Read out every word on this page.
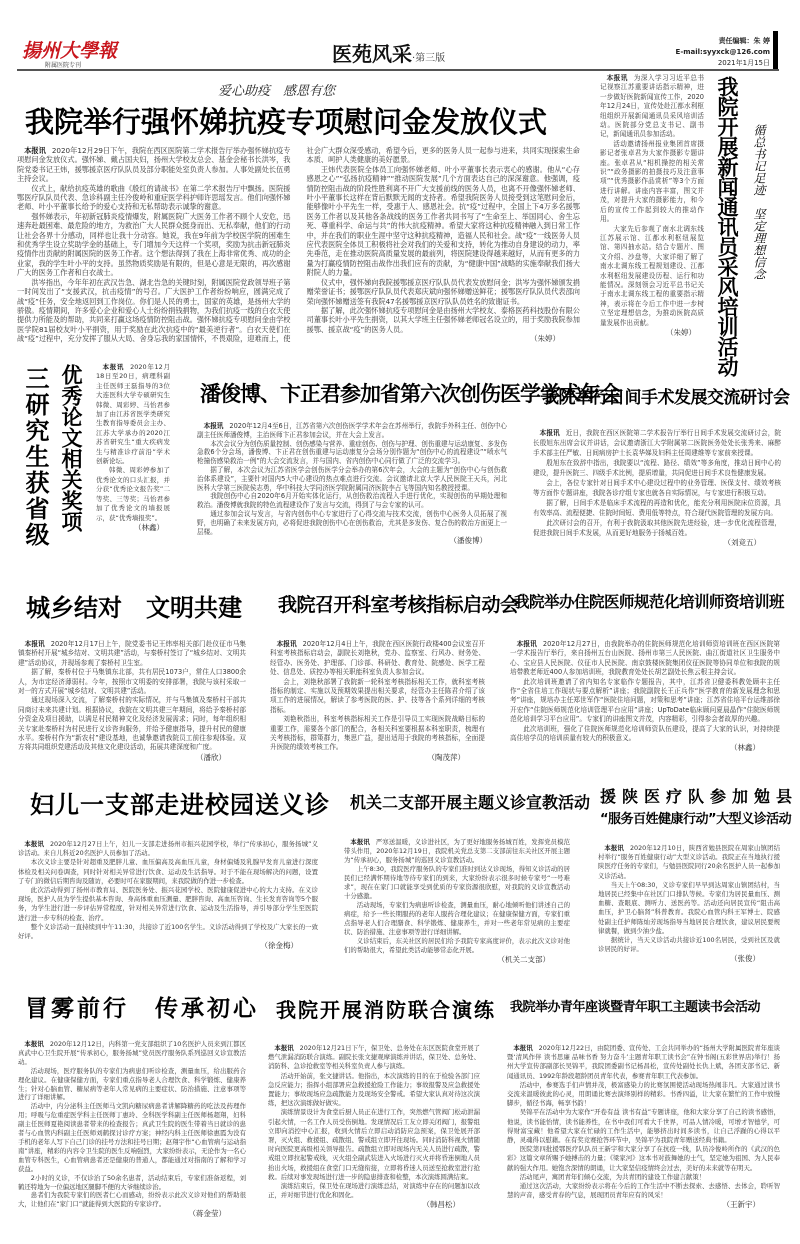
揚州大學報
附属医院专刊	医苑风采·第三版
责任编辑：朱 婷
E-mail:syyxck@126.com
2021年1月15日
爱心助疫　感恩有您
我院举行强怀娣抗疫专项慰问金发放仪式

本报讯 2020年12月29日下午，我院在西区医院第二学术报告厅举办强怀娣抗疫专项慰问金发放仪式。强怀娣、戴占国夫妇，扬州大学校友总会、基金会秘书长洪岑，我院党委书记王炜，援鄂援京医疗队队员及部分职能处室负责人参加。人事处副处长伍勇主持会议。

仪式上，献给抗疫英雄的歌曲《殷红的请战书》在第二学术报告厅中飘扬。医院援鄂医疗队队员代表、急诊科副主任冷俊岭和重症医学科护师许思瑶发言。他们向强怀娣老师、叶小平董事长给予的爱心支持和无私帮助表示诚挚的谢意。

强怀娣表示，年初新冠肺炎疫情爆发，附属医院广大医务工作者不顾个人安危，迅速奔赴最困难、最危险的地方，为救治广大人民群众挺身而出、无私奉献，他们的行动让社会各界十分感动，同样也让我十分动容。她说，我在9年前为学校医学院的困难生和优秀学生设立奖助学金的基础上，专门增加今天这样一个奖项，奖励为抗击新冠肺炎疫情作出贡献的附属医院的医务工作者。这个想法得到了我在上海非常优秀、成功的企业家，我的学生叶小平的支持。虽然物质奖励是有限的，但是心意是无限的，再次感谢广大的医务工作者和白衣战士。

洪岑指出，今年年初在武汉告急、湖北告急的关键时刻，附属医院党政领导班子第一时间发出了“支援武汉，抗击疫情”的号召。广大医护工作者纷纷响应，圆满完成了战“疫”任务，安全地返回到工作岗位。你们是人民的勇士，国家的英雄，是扬州大学的骄傲。疫情期间，许多爱心企业和爱心人士纷纷捐钱捐物，为我们抗疫一线的白衣天使提供力所能及的帮助，共同来打赢这场疫情防控阻击战。强怀娣抗疫专项慰问金由学校医学院81届校友叶小平捐资，用于奖励在此次抗疫中的“最美逆行者”。白衣天使们在战“疫”过程中，充分发挥了服从大局、舍身忘我的家国情怀，不畏艰险，迎难而上，使社会广大群众深受感动，希望今后，更多的医务人员一起参与进来，共同实现探索生命本质、呵护人类健康的美好愿景。

王炜代表医院全体员工向强怀娣老师、叶小平董事长表示衷心的感谢。他从“心存感恩之心”“弘扬抗疫精神”“推动医院发展”几个方面表达自己的深深谢意。他强调，疫情防控阻击战的阶段性胜利离不开广大支援前线的医务人员，也离不开像强怀娣老师、叶小平董事长这样在背后默默无闻的支持者。希望我院医务人员接受到这笔慰问金后，能够像叶小平先生一样，受惠于人、感恩社会。抗“疫”过程中，全国上下4万多名援鄂医务工作者以及其他各条战线的医务工作者共同书写了“生命至上、举国同心、舍生忘死、尊重科学、命运与共”的伟大抗疫精神。希望大家将这种抗疫精神融入到日常工作中，并在我们的职业生涯中坚守这种抗疫精神，造福人民和社会。战“疫”一线医务人员应代表医院全体员工积极将社会对我们的关爱和支持，转化为推动自身建设的动力，率先垂范，走在推动医院高质量发展的最前列，将医院建设得越来越好，从而有更多的力量为打赢疫情防控阻击战作出我们应有的贡献，为“健康中国”战略的实施奉献我们扬大附院人的力量。

仪式中，强怀娣向我院援鄂援京医疗队队员代表发放慰问金；洪岑为强怀娣颁发捐赠荣誉证书；援鄂医疗队队员代表郑庆斌向强怀娣赠送鲜花；援鄂医疗队队员代表邵向荣向强怀娣赠送签有我院47名援鄂援京医疗队队员姓名的致谢证书。

据了解，此次强怀娣抗疫专项慰问金是由扬州大学校友、泰格医药科技股份有限公司董事长叶小平先生捐资，以其大学班主任强怀娣老师冠名设立的，用于奖励我院参加援鄂、援京战“疫”的医务人员。

（朱婷）

本报讯 为深入学习习近平总书记视察江苏重要讲话指示精神，进一步做好医院新闻宣传工作，2020年12月24日，宣传处赴江都水利枢纽组织开展新闻通讯员采风培训活动。医院部分党总支书记、副书记，新闻通讯员参加活动。

活动邀请扬州报业集团首席摄影记者张卓君为大家作摄影专题讲座。张卓君从“相机操控的相关常识”“政务摄影的拍摄技巧及注意事项”“优秀摄影作品赏析”等3个方面进行讲解。讲座内容丰富，图文并茂，对提升大家的摄影能力，和今后的宣传工作起到较大的推动作用。

大家先后参观了南水北调东线江苏展示馆、江都水利枢纽展览馆、第四抽水站。结合专题片、图文介绍、沙盘等，大家详细了解了南水北调东线工程规划建设、江都水利枢纽发展建设历程、运行和功能情况。深刻领会习近平总书记关于南水北调东线工程的重要指示精神，表示将在今后工作中进一步树立坚定理想信念，为推动医院高质量发展作出贡献。

（朱婷） 我院开展新闻通讯员采风培训活动	循总书记足迹　坚定理想信念
三研究生获省级 优秀论文相关奖项	本报讯 2020年12月18日至20日，病理科副主任医师王磊指导的3位大连医科大学专硕研究生韩微、周彩婷、马怡君参加了由江苏省医学类研究生教育指导委员会主办、江苏大学承办的2020江苏省研究生“重大疾病发生与精准诊疗前沿”学术创新论坛。

韩微、周彩婷参加了优秀论文的口头汇报，并分获“优秀论文报告奖”二等奖、三等奖；马怡君参加了优秀论文的墙报展示，获“优秀墙报奖”。

（林鑫）
潘俊博、卞正君参加省第六次创伤医学学术年会

本报讯 2020年12月4至6日，江苏省第六次创伤医学学术年会在苏州举行，我院手外科主任、创伤中心副主任医师潘俊博，主治医师卞正君参加会议，并在大会上发言。

本次会议分为创伤质量控制、创伤感染与营养、重症创伤、创伤与护理、创伤重建与运动康复、多发伤急救6个分会场，潘俊博、卞正君在创伤重建与运动康复分会场分别作题为“创伤中心的流程建设”“喷水气枪撞伤感染救治一例”的大会交流发言，并与国内、省内创伤中心同行做了广泛的交流学习。

据了解，本次会议为江苏省医学会创伤医学分会举办的第6次年会，大会的主题为“创伤中心与创伤救治体系建设”，主要针对国内5大中心建设的热点难点进行交流。会议邀请北京大学人民医院王天兵，河北医科大学第三医院侯志勇，华中科技大学同济医学院附属同济医院李占飞等国内知名教授授课。

我院创伤中心自2020年6月开始实体化运行，从创伤救治流程入手进行优化，实现创伤的早期处理和救治。潘俊博就我院的特色流程建设作了发言与交流，得到了与会专家的认可。

通过参加会议与发言，与省内创伤中心专家进行了心得交流与技术交流，创伤中心医务人员拓展了视野，也明确了未来发展方向，必将促进我院创伤中心在创伤救治，尤其是多发伤、复合伤的救治方面更上一层楼。

（潘俊博）
我院举行日间手术发展交流研讨会

本报讯 近日，我院在西区医院第二学术报告厅举行日间手术发展交流研讨会，院长殷旭东出席会议并讲话，会议邀请浙江大学附属第二医院医务处处长张秀来、麻醉手术部主任严敏、日间病房护士长袁华娣及妇科主任周建维等专家前来授课。

殷旭东在致辞中指出，我院要以“流程、路径、绩效”等多角度，推动日间中心的建设，提升医院三、四级手术比例，提质增量，共同促进日间手术良性健康发展。

会上，各位专家针对日间手术中心建设过程中的业务管理、医保支付、绩效考核等方面作专题讲座，我院各诊疗组专家也就各自实际情况，与专家进行积极互动。

据了解，日间手术是临床手术流程的再造和优化，能充分利用医院床位资源，具有效率高、流程便捷、住院时间短、费用低等特点，符合现代医院管理的发展方向。

此次研讨会的召开，有利于我院汲取其他医院先进经验，进一步优化流程管理，促进我院日间手术发展，从而更好地服务于扬城百姓。

（刘竞五）
城乡结对　文明共建

本报讯 2020年12月17日上午，院党委书记王炜率相关部门赴仪征市马集镇秦桥村开展“城乡结对、文明共建”活动，与秦桥村签订了“城乡结对、文明共建”活动协议，并现场参观了秦桥村卫生室。

据了解，秦桥村位于马集镇东北部，共有居民1073户，常住人口3800余人，为市定经济薄弱村。今年，按照市文明委的安排部署，我院与该村采取一对一的方式开展“城乡结对、文明共建”活动。

通过现场深入交流，了解秦桥村的实际情况，并与马集镇及秦桥村干部共同商讨未来共建计划。根据协议，我院在文明共建三年期间，将给予秦桥村部分资金及项目援助，以满足村民精神文化及经济发展需求；同时，每年组织相关专家赴秦桥村为村民进行义诊咨询服务，并给予健康指导，提升村民的健康水平。秦桥村作为“新农村”建设基地，也诚挚邀请我院员工前往参观体验。双方将共同组织党建活动及其他文化建设活动，拓展共建深度和广度。

（潘欣）
我院召开科室考核指标启动会

本报讯 2020年12月4日上午，我院在西区医院行政楼400会议室召开科室考核指标启动会，副院长刘艳秋，党办、监察室、行风办、财务处、经管办、医务处、护理部、门诊部、科研处、教育处、院感处、医学工程处、信息处、质控办等相关职能科室负责人参加会议。

会上，刘艳秋部署了我院新一轮科室考核指标相关工作，就科室考核指标的制定、实施以及预期效果提出相关要求，经管办主任陈君介绍了该项工作的进展情况，解读了参考医院的医、护、技等各个系列详细的考核指标。

刘艳秋指出，科室考核指标相关工作是引导员工实现医院战略目标的重要工作，需要各个部门的配合，各相关科室要根据本科室职责，梳理有关考核指标，群策群力，集思广益，提出适用于我院的考核指标，全面提升医院的绩效考核工作。

（陶茂萍）
我院举办住院医师规范化培训师资培训班

本报讯 2020年12月27日，由我院举办的住院医师规范化培训师资培训班在西区医院第一学术报告厅举行，来自扬州五台山医院、扬州市第三人民医院、曲江街道社区卫生服务中心、宝应县人民医院、仪征市人民医院、南京鼓楼医院集团仪征医院等协同单位和我院的规培带教老师近400人参加培训班，我院教育处处长胡艺副处长焦云根主持会议。

此次培训班邀请了省内知名专家临作专题报告，其中，江苏省卫健委科教处顾丰主任作“全省住培工作现状与要点解析”讲座；我院副院长王正兵作“医学教育的新发展理念和思考”讲座，规培办主任郑世军作“医院住培问题，对策和思考”讲座；江苏省住培平台运维部徐开宏作“住院医师规范化培训管理平台应用”讲座；UpToDate临床顾问夏晨晶作“住院医师规范化培训学习平台应用”。专家们的讲座图文并茂，内容精彩，引得参会者故厚的兴趣。

此次培训班，强化了住院医师规范化培训师资队伍建设，提高了大家的认识，对持续提高住培学员的培训质量有较大的积极意义。

（林鑫）
妇儿一支部走进校园送义诊

本报讯 2020年12月27日上午，妇儿一支部走进扬州市振兴花园学校，举行“传承初心，服务扬城”义诊活动。来自儿科近20名医护人员参加了活动。

本次义诊主要是针对超重及肥胖儿童、血压偏高及高血压儿童，身材偏矮及乳腺早发育儿童进行深度体检及相关问卷调查，同时针对相关异常进行饮食、运动及生活指导。对于不能在现场解决的问题，设置了专门的微信后期咨询及随访，必要时可在家服期间，来我院做的作进一步检查。

此次活动得到了扬州市教育局、医院医务处、振兴花园学校、医院健康促进中心的大力支持。在义诊现场，医护人员为学生提供基本咨询、身高体重血压测量、肥胖咨询、高血压咨询、生长发育咨询等5个服务，为学生进行进一步评估异常程度，针对相关异常进行饮食、运动及生活指导，并引导部分学生至医院进行进一步专科的检查、治疗。

整个义诊活动一直持续到中午11:30，共接诊了近100名学生。义诊活动得到了学校及广大家长的一致好评。

（徐金梅）
机关二支部开展主题义诊宣教活动

本报讯 严寒送温暖，义诊进社区，为了更好地服务扬城百姓，发挥党员模范带头作用，2020年12月19日，我院机关党总支第二支部前往东关社区开展主题为“传承初心，服务扬城”的巡回义诊宣教活动。

上午8:30，我院医疗服务队的专家们准时到达义诊现场，得知义诊活动的居民们已经满怀期待地等待专家们的到来，大家纷纷表示很多时候专家号“一号难求”，现在在家门口就能享受到优质的专家资源很欣慰，对我院的义诊宣教活动十分感激。

活动现场，专家们为病患听诊检查，测量血压，耐心地倾听他们讲述自己的病症，给予一些长期服药的老年人服药合理化建议；在健康保健方面，专家们重点指导老人们合理膳食、科学锻炼、健康养生，并对一些老年常见病的主要症状、防治措施、注意事项等进行详细讲解。

义诊结束后，东关社区的居民们给予我院专家高度评价，表示此次义诊对他们的帮助很大，希望此类活动能够常态化开展。

（机关二支部）
援陕医疗队参加勉县
“服务百姓健康行动”大型义诊活动

本报讯 2020年12月10日，陕西省勉县医院在周家山镇团结村举行“服务百姓健康行动”大型义诊活动。我院正在当地执行援陕医疗任务的专家们，与勉县医院同行20余名医护人员一起参加义诊活动。

当天上午08:30，义诊专家们早早到达周家山镇团结村，当地居民已经集中在社区门口排队等候。专家们为居民量血压、测血糖、查眼底、测听力、送医药等。活动还向居民宣传“阻击高血压，护卫心脑肾”科普教育。我院心血管内科王军博士、院感处副主任护师陈灿芳现场指导当地居民合理饮食，建议居民要规律就餐，做到少油少盐。

据统计，当天义诊活动共接诊近100名居民，受到社区及就诊居民的好评。

（张俊）
冒雾前行　传承初心

本报讯 2020年12月12日，内科第一党支部组织了10名医护人员来到江都区真武中心卫生院开展“传承初心，服务扬城”党员医疗服务队系列巡回义诊宣教活动。

活动现场，医疗服务队的专家们为病患们听诊检查，测量血压，给出服药合理化建议。在健康保健方面，专家们重点指导老人合理饮食、科学锻炼、健康养生；针对心脑血管、糖尿病等老年人常见病的主要症状、防治措施、注意事项等进行了详细讲解。

活动中，内分泌科主任医师马文凯向糖尿病患者讲解降糖药的吃法及药理作用；呼吸与危重症医学科主任医师丁惠玲、全科医学科副主任医师杨超翔，妇科副主任医师夏艳阅读患者带来的检查报告；真武卫生院的医生带着当日就诊的患者与心血管内科副主任医师刘鹤探讨诊疗方案；神经内科主任医师徐惠霞为没有手机的老年人写下自己门诊的挂号方法和挂号日期；赵翔宇作“心血管病与运动指南”讲座，精彩的内容令卫生院的医生反响强烈，大家纷纷表示，无论作为一名心血管专科医生，心血管病患者还是健康的普通人，都能通过对指南的了解和学习获益。

2小时的义诊，不仅诊治了50余名患者，活动结束后，专家们准备返程，刘鹤还特地为一位偏远地区腿脚不便的大爷继续诊治。

患者们为我院专家们的医者仁心而感动，纷纷表示此次义诊对他们的帮助很大，让他们在“家门口”就能得到大医院的专家诊疗。

（蒋金莹）
我院开展消防联合演练

本报讯 2020年12月21日下午，保卫处、总务处在东区医院食堂开展了燃气泄漏消防联合演练。副院长张文捷观摩演练并讲话，保卫处、总务处、消防科、急诊抢救室等相关科室负责人参与演练。

活动开始前，张文捷讲话。他指出，本次演练的目的在于检验各部门应急反应能力；指挥小组部署应急救援抢险工作能力；事故报警及应急救援处置能力；事故现场应急疏散能力及现场安全警戒。希望大家认真对待这次演练，把这次演练做好做实。

演练情景设计为食堂后厨人员正在进行工作，突然燃气管阀门松动泄漏引起火情，一名工作人员受伤倒地。发现情况后工友立即关闭阀门，报警组立即向消控中心汇报，收到火情后立即启动消防应急预案，保卫处展开部署，灭火组、救援组、疏散组、警戒组立即开往现场。同时消防科视火情随时向医院更高级相关领导报告。疏散组立即对现场内无关人员进行疏散，警戒组立即拉起警戒线，灭火组全副武装进入火场进行灭火并将昏迷倒地人员抬出火场，救援组在食堂门口无缝衔接，立即将昏迷人员送至抢救室进行抢救。后续对事发现场进行进一步的隐患排查和检整，本次演练圆满结束。

演练结束后，保卫处在现场进行演练总结，对演练中存在的问题加以改正，并对细节进行优化和固化。

（韩昌松）
我院举办青年座谈暨青年职工主题读书会活动

本报讯 2020年12月22日，由院团委、宣传处、工会共同举办的“扬州大学附属医院青年座谈暨‘清风作伴 读书思廉 品味书香 努力奋斗’主题青年职工读书会”在钟书阁(五彩世界店)举行！扬州大学宣传部副部长吴锦平，我院团委副书记杨昌松，宣传处副处长仇上斌，各团支部书记、新闻通讯员、1992年龄段超龄团员青年代表，参赛青年职工代表参加。

活动中，参赛选手们声情并茂，极富感染力的比赛氛围使活动现场热闹非凡。大家通过读书交流来温暖彼此的心灵，用朗诵比赛去演绎别样的精彩。书香四溢，让大家在繁忙的工作中放慢脚步，循径书海，畅享书韵！

吴锦平在活动中为大家作“开卷有益 读书有益”专题讲座，他和大家分享了自己的读书感悟，他说，读书能怡情，读书能养性，在书中我们可看大千世界，可品人情冷暖，可增才智德学，可得财富宝藏！他希望大家在忙碌的工作生活中，能够挤出时间多读书，让自己浮躁的心得以平静，灵魂得以慰藉。在有奖竞赛抢答环节中，吴锦平为我院青年赠送经典书籍。

医院第四批援鄂医疗队队员王新宇和大家分享了在抗疫一线，队员冷俊岭所作的《武汉的色彩》这篇文章所赐予她搏击的力量；《梁家河》这本书对鼓舞她的士气，坚定她为祖国、为人民奉献的强大作用。她饱含深情的朗诵，让大家坚信疫情终会过去，美好的未来就等在明天。

活动尾声，寓团青年们倾心交流，为共青团的建设工作建言献策！

通过这次活动，大家纷纷表示将在今后的工作生活中不断去探索、去感悟、去体会，聆听智慧的声音，感受青春的气息，展现团员青年应有的风采！

（王新宇）
